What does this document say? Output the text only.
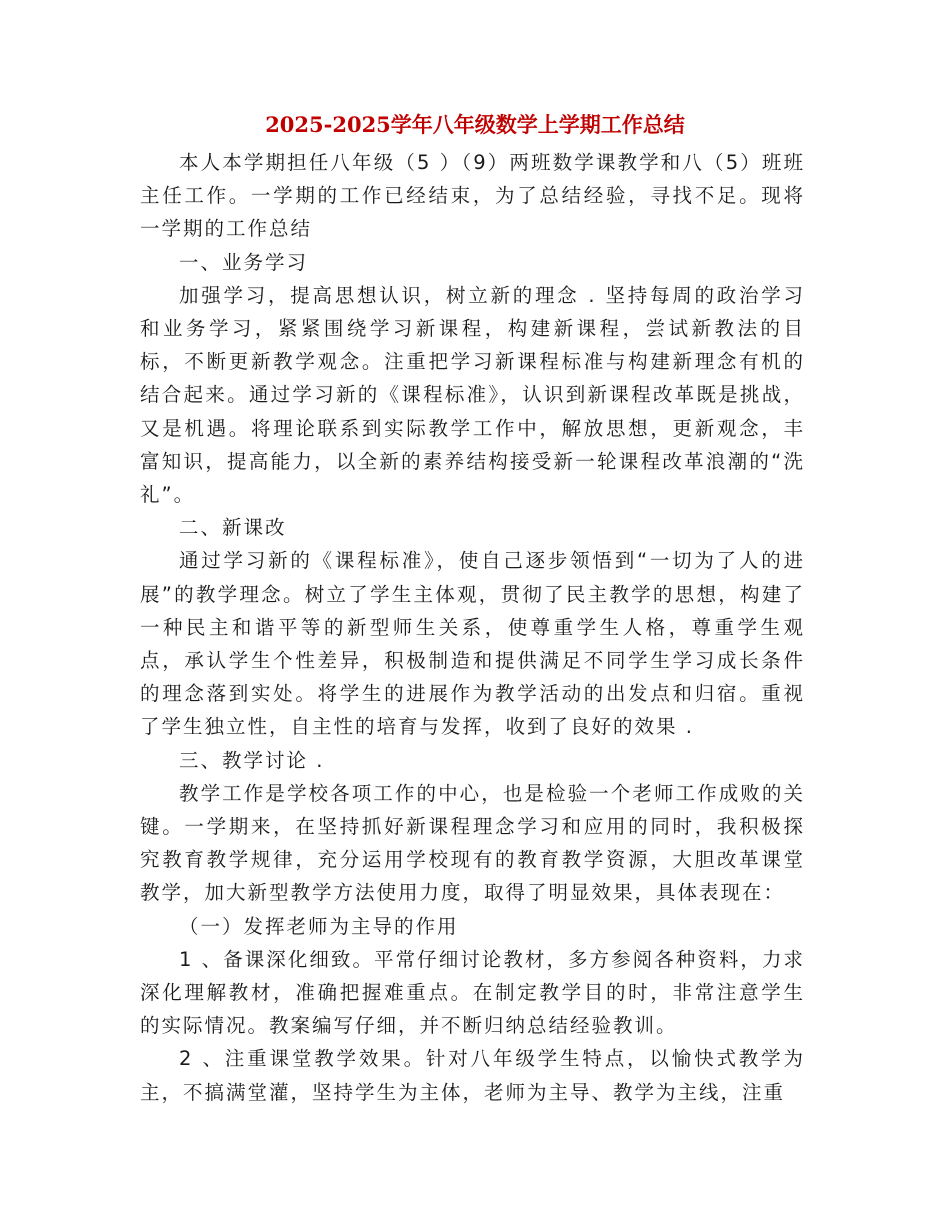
2025-2025学年八年级数学上学期工作总结

本人本学期担任八年级（5 ）（9）两班数学课教学和八（5）班班主任工作。一学期的工作已经结束，为了总结经验，寻找不足。现将一学期的工作总结

一、业务学习

加强学习，提高思想认识，树立新的理念 . 坚持每周的政治学习和业务学习，紧紧围绕学习新课程，构建新课程，尝试新教法的目标，不断更新教学观念。注重把学习新课程标准与构建新理念有机的结合起来。通过学习新的《课程标准》，认识到新课程改革既是挑战，又是机遇。将理论联系到实际教学工作中，解放思想，更新观念，丰富知识，提高能力，以全新的素养结构接受新一轮课程改革浪潮的“洗礼”。

二、新课改

通过学习新的《课程标准》，使自己逐步领悟到“一切为了人的进展”的教学理念。树立了学生主体观，贯彻了民主教学的思想，构建了一种民主和谐平等的新型师生关系，使尊重学生人格，尊重学生观点，承认学生个性差异，积极制造和提供满足不同学生学习成长条件的理念落到实处。将学生的进展作为教学活动的出发点和归宿。重视了学生独立性，自主性的培育与发挥，收到了良好的效果 .

三、教学讨论 .

教学工作是学校各项工作的中心，也是检验一个老师工作成败的关键。一学期来，在坚持抓好新课程理念学习和应用的同时，我积极探究教育教学规律，充分运用学校现有的教育教学资源，大胆改革课堂教学，加大新型教学方法使用力度，取得了明显效果，具体表现在：

（一）发挥老师为主导的作用

1 、备课深化细致。平常仔细讨论教材，多方参阅各种资料，力求深化理解教材，准确把握难重点。在制定教学目的时，非常注意学生的实际情况。教案编写仔细，并不断归纳总结经验教训。

2 、注重课堂教学效果。针对八年级学生特点，以愉快式教学为主，不搞满堂灌，坚持学生为主体，老师为主导、教学为主线，注重
